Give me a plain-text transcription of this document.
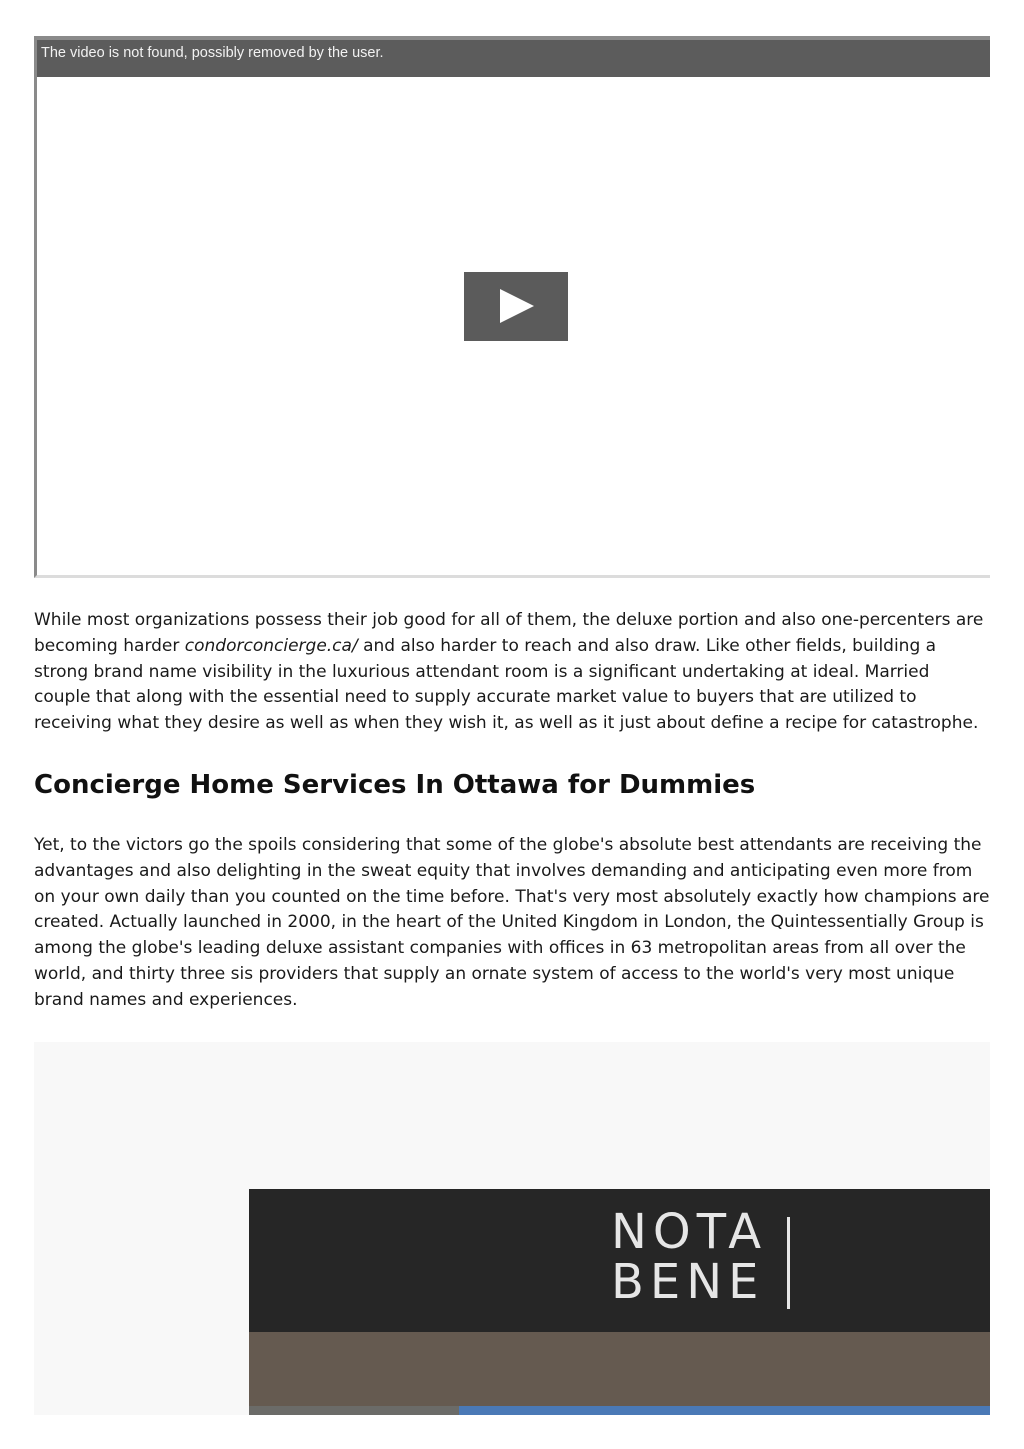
The video is not found, possibly removed by the user.

While most organizations possess their job good for all of them, the deluxe portion and also one-percenters are becoming harder condorconcierge.ca/ and also harder to reach and also draw. Like other fields, building a strong brand name visibility in the luxurious attendant room is a significant undertaking at ideal. Married couple that along with the essential need to supply accurate market value to buyers that are utilized to receiving what they desire as well as when they wish it, as well as it just about define a recipe for catastrophe.

Concierge Home Services In Ottawa for Dummies

Yet, to the victors go the spoils considering that some of the globe's absolute best attendants are receiving the advantages and also delighting in the sweat equity that involves demanding and anticipating even more from on your own daily than you counted on the time before. That's very most absolutely exactly how champions are created. Actually launched in 2000, in the heart of the United Kingdom in London, the Quintessentially Group is among the globe's leading deluxe assistant companies with offices in 63 metropolitan areas from all over the world, and thirty three sis providers that supply an ornate system of access to the world's very most unique brand names and experiences.

NOTA
BENE
